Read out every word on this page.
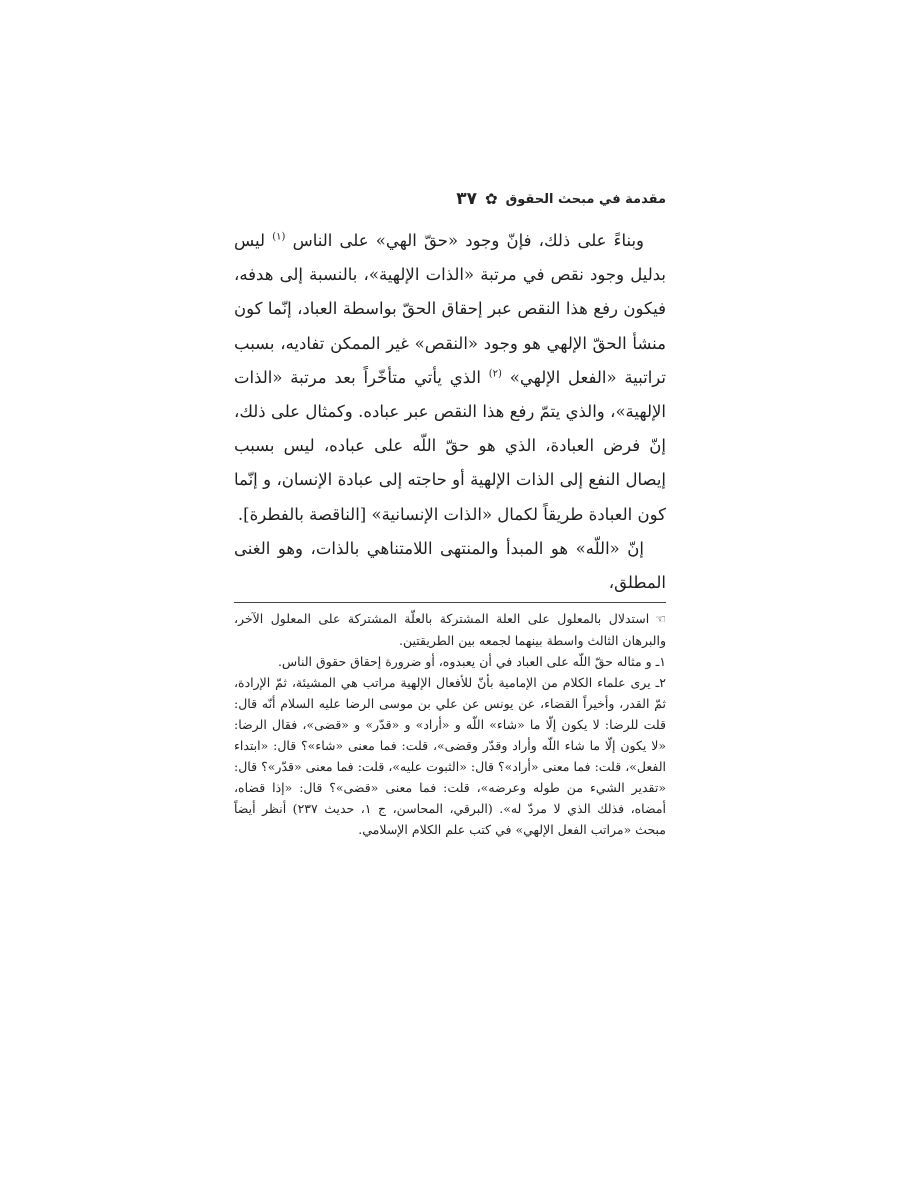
مقدمة في مبحث الحقوق
✿
٣٧

وبناءً على ذلك، فإنّ وجود «حقّ الهي» على الناس $^{(١)}$ ليس بدليل وجود نقص في مرتبة «الذات الإلهية»، بالنسبة إلى هدفه، فيكون رفع هذا النقص عبر إحقاق الحقّ بواسطة العباد، إنّما كون منشأ الحقّ الإلهي هو وجود «النقص» غير الممكن تفاديه، بسبب تراتبية «الفعل الإلهي» $^{(٢)}$ الذي يأتي متأخّراً بعد مرتبة «الذات الإلهية»، والذي يتمّ رفع هذا النقص عبر عباده. وكمثال على ذلك، إنّ فرض العبادة، الذي هو حقّ اللّه على عباده، ليس بسبب إيصال النفع إلى الذات الإلهية أو حاجته إلى عبادة الإنسان، و إنّما كون العبادة طريقاً لكمال «الذات الإنسانية» [الناقصة بالفطرة].

إنّ «اللّه» هو المبدأ والمنتهى اللامتناهي بالذات، وهو الغنى المطلق،

☜استدلال بالمعلول على العلة المشتركة بالعلّة المشتركة على المعلول الآخر، والبرهان الثالث واسطة بينهما لجمعه بين الطريقتين.

١ـ و مثاله حقّ اللّه على العباد في أن يعبدوه، أو ضرورة إحقاق حقوق الناس.

٢ـ يرى علماء الكلام من الإمامية بأنّ للأفعال الإلهية مراتب هي المشيئة، ثمّ الإرادة، ثمّ القدر، وأخيراً القضاء، عن يونس عن علي بن موسى الرضا عليه السلام أنّه قال: قلت للرضا: لا يكون إلّا ما «شاء» اللّه و «أراد» و «قدّر» و «قضى»، فقال الرضا: «لا يكون إلّا ما شاء اللّه وأراد وقدّر وقضى»، قلت: فما معنى «شاء»؟ قال: «ابتداء الفعل»، قلت: فما معنى «أراد»؟ قال: «الثبوت عليه»، قلت: فما معنى «قدّر»؟ قال: «تقدير الشيء من طوله وعرضه»، قلت: فما معنى «قضى»؟ قال: «إذا قضاه، أمضاه، فذلك الذي لا مردّ له». (البرقي، المحاسن، ج ١، حديث ٢٣٧) أنظر أيضاً مبحث «مراتب الفعل الإلهي» في كتب علم الكلام الإسلامي.
